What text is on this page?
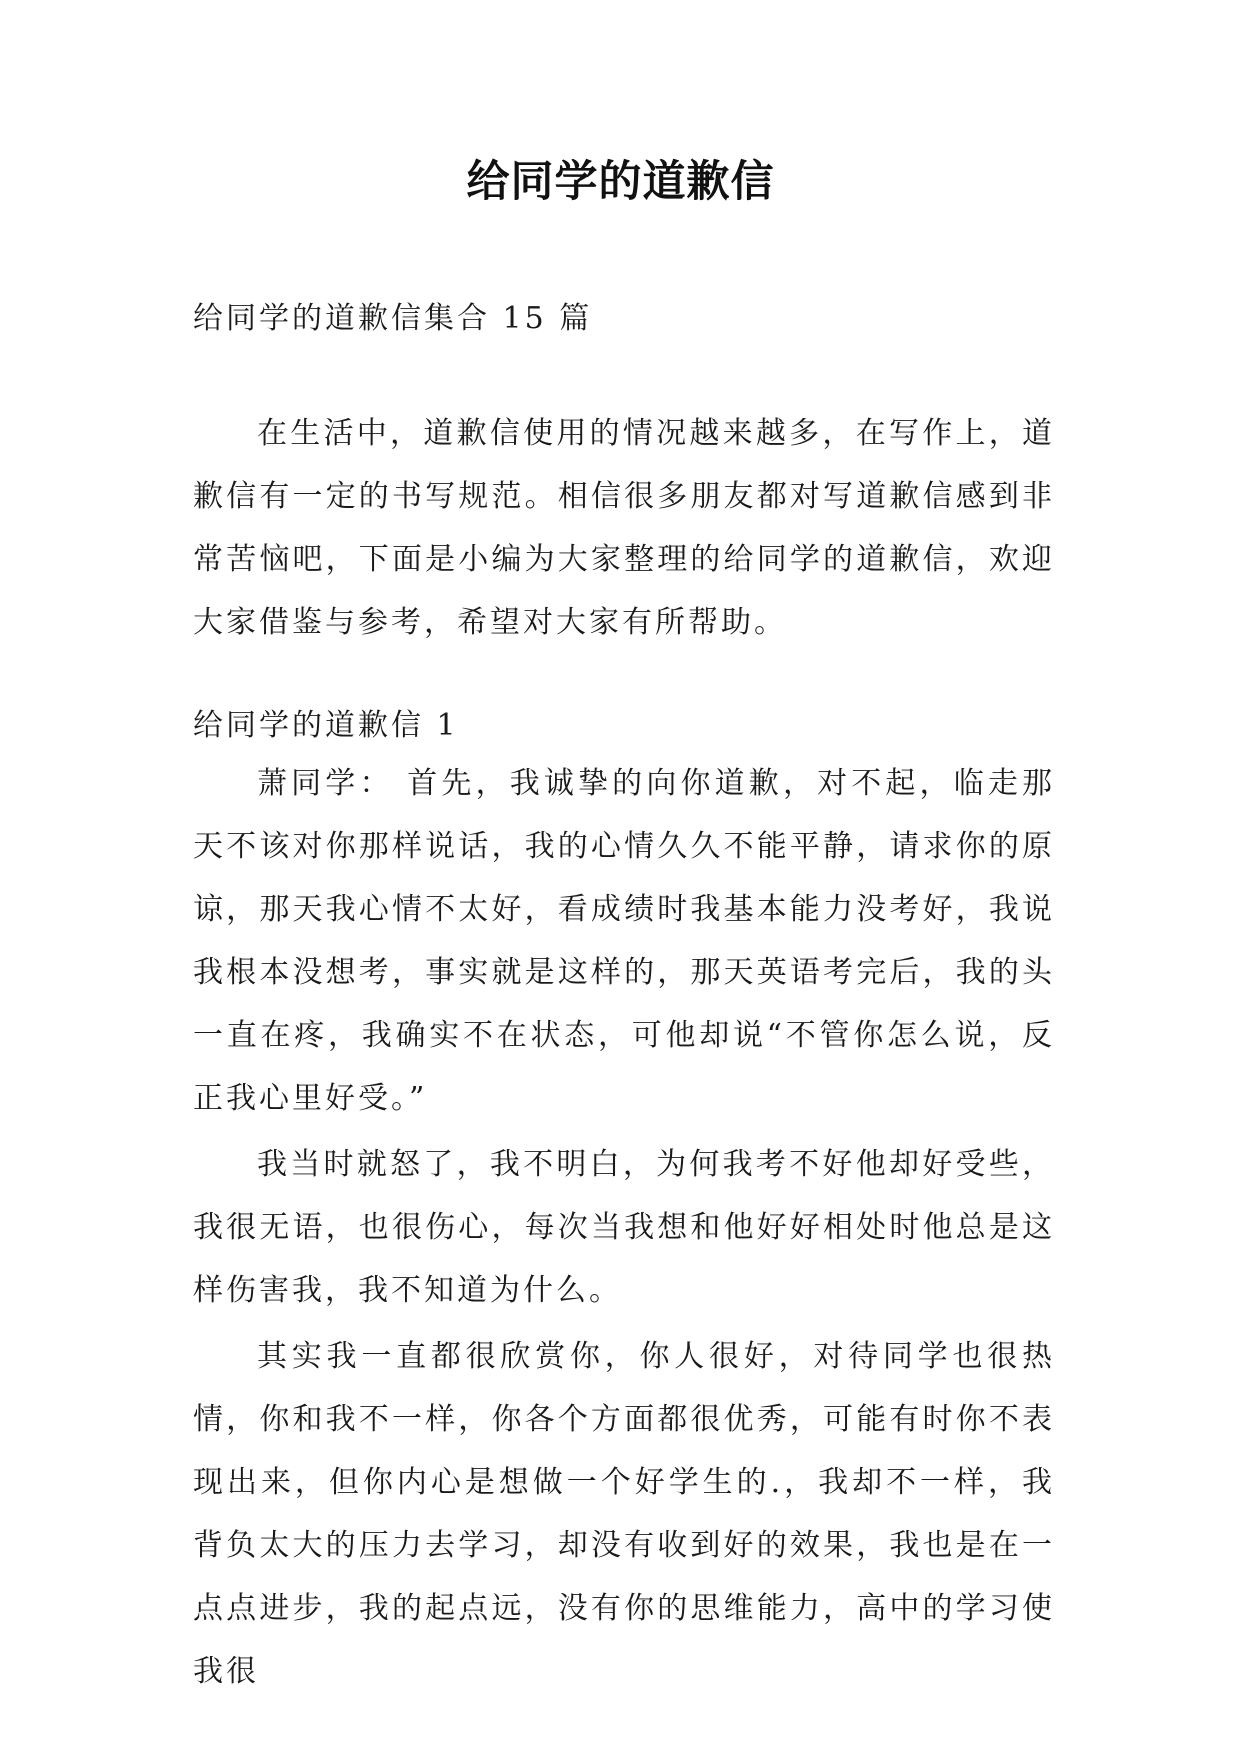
给同学的道歉信
给同学的道歉信集合 15 篇
在生活中，道歉信使用的情况越来越多，在写作上，道歉信有一定的书写规范。相信很多朋友都对写道歉信感到非常苦恼吧，下面是小编为大家整理的给同学的道歉信，欢迎大家借鉴与参考，希望对大家有所帮助。
给同学的道歉信 1

萧同学： 首先，我诚挚的向你道歉，对不起，临走那天不该对你那样说话，我的心情久久不能平静，请求你的原谅，那天我心情不太好，看成绩时我基本能力没考好，我说我根本没想考，事实就是这样的，那天英语考完后，我的头一直在疼，我确实不在状态，可他却说“不管你怎么说，反正我心里好受。”

我当时就怒了，我不明白，为何我考不好他却好受些，我很无语，也很伤心，每次当我想和他好好相处时他总是这样伤害我，我不知道为什么。

其实我一直都很欣赏你，你人很好，对待同学也很热情，你和我不一样，你各个方面都很优秀，可能有时你不表现出来，但你内心是想做一个好学生的.，我却不一样，我背负太大的压力去学习，却没有收到好的效果，我也是在一点点进步，我的起点远，没有你的思维能力，高中的学习使我很
